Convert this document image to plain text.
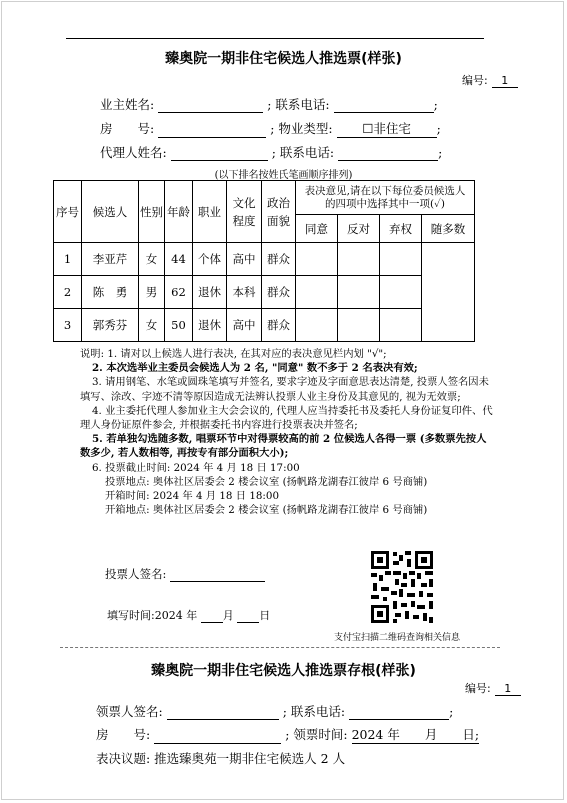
臻奥院一期非住宅候选人推选票(样张)
编号: 1
业主姓名:	; 联系电话:	;
房　　号:	; 物业类型: ☐非住宅 ;
代理人姓名:	; 联系电话:	;
(以下排名按姓氏笔画顺序排列)
序号	候选人	性别	年龄	职业	文化程度	政治面貌	表决意见,请在以下每位委员候选人的四项中选择其中一项(✓)			
							同意	反对	弃权	随多数
1	李亚芹	女	44	个体	高中	群众				
2	陈　勇	男	62	退休	本科	群众				
3	郭秀芬	女	50	退休	高中	群众				

说明: 1. 请对以上候选人进行表决, 在其对应的表决意见栏内划 "√";

2. 本次选举业主委员会候选人为 2 名, "同意" 数不多于 2 名表决有效;

3. 请用钢笔、水笔或圆珠笔填写并签名, 要求字迹及字面意思表达清楚, 投票人签名因未填写、涂改、字迹不清等原因造成无法辨认投票人业主身份及其意见的, 视为无效票;

4. 业主委托代理人参加业主大会会议的, 代理人应当持委托书及委托人身份证复印件、代理人身份证原件参会, 并根据委托书内容进行投票表决并签名;

5. 若单独勾选随多数, 唱票环节中对得票较高的前 2 位候选人各得一票 (多数票先按人数多少, 若人数相等, 再按专有部分面积大小);

6. 投票截止时间: 2024 年 4 月 18 日 17:00

投票地点: 奥体社区居委会 2 楼会议室 (扬帆路龙湖春江彼岸 6 号商铺)

开箱时间: 2024 年 4 月 18 日 18:00

开箱地点: 奥体社区居委会 2 楼会议室 (扬帆路龙湖春江彼岸 6 号商铺)

投票人签名:
填写时间:2024 年 月 日
支付宝扫描二维码查询相关信息
臻奥院一期非住宅候选人推选票存根(样张)
编号: 1
领票人签名:	; 联系电话:	;
房　　号:	; 领票时间: 2024 年　　月　　日;
表决议题: 推选臻奥苑一期非住宅候选人 2 人
